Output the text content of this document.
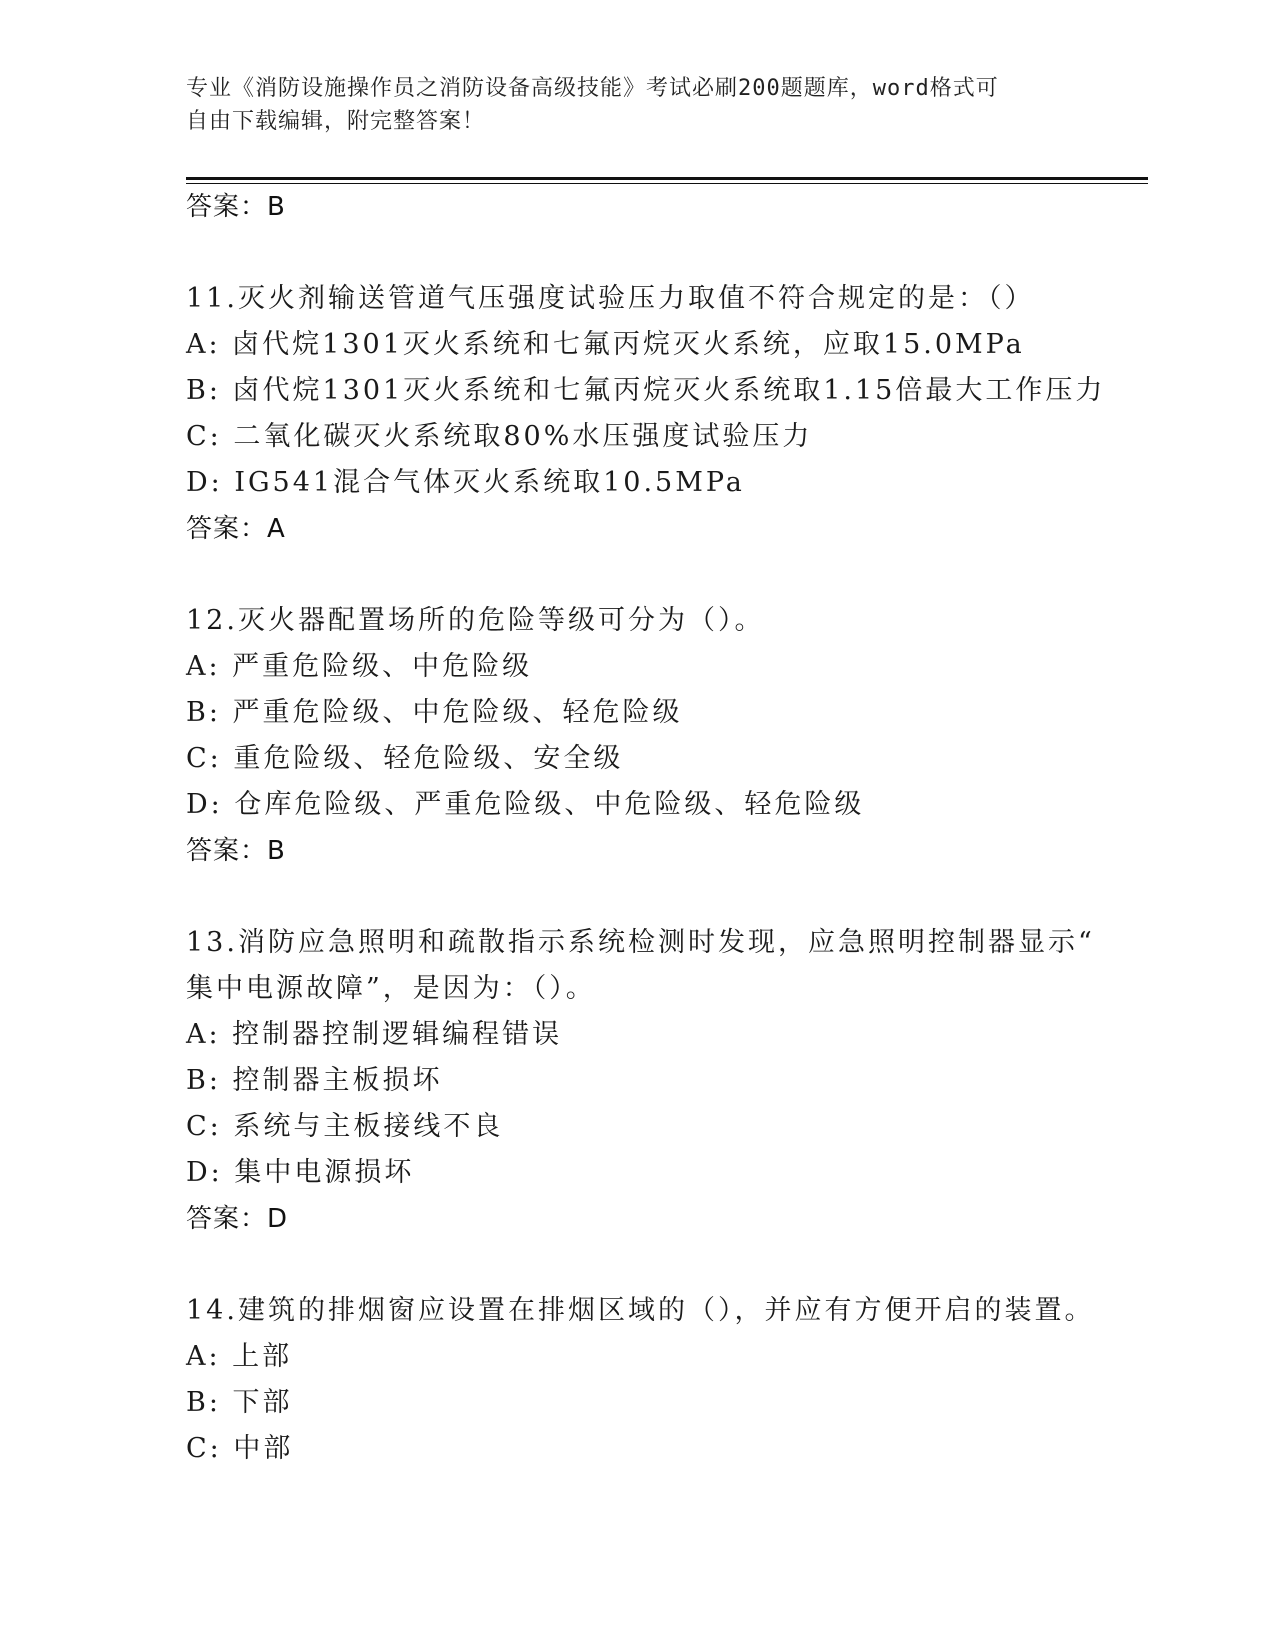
专业《消防设施操作员之消防设备高级技能》考试必刷200题题库，word格式可
自由下载编辑，附完整答案！
答案：B
11.灭火剂输送管道气压强度试验压力取值不符合规定的是：（）
A: 卤代烷1301灭火系统和七氟丙烷灭火系统，应取15.0MPa
B: 卤代烷1301灭火系统和七氟丙烷灭火系统取1.15倍最大工作压力
C: 二氧化碳灭火系统取80%水压强度试验压力
D: IG541混合气体灭火系统取10.5MPa
答案：A
12.灭火器配置场所的危险等级可分为（）。
A: 严重危险级、中危险级
B: 严重危险级、中危险级、轻危险级
C: 重危险级、轻危险级、安全级
D: 仓库危险级、严重危险级、中危险级、轻危险级
答案：B
13.消防应急照明和疏散指示系统检测时发现，应急照明控制器显示“
集中电源故障”，是因为：（）。
A: 控制器控制逻辑编程错误
B: 控制器主板损坏
C: 系统与主板接线不良
D: 集中电源损坏
答案：D
14.建筑的排烟窗应设置在排烟区域的（），并应有方便开启的装置。
A: 上部
B: 下部
C: 中部
